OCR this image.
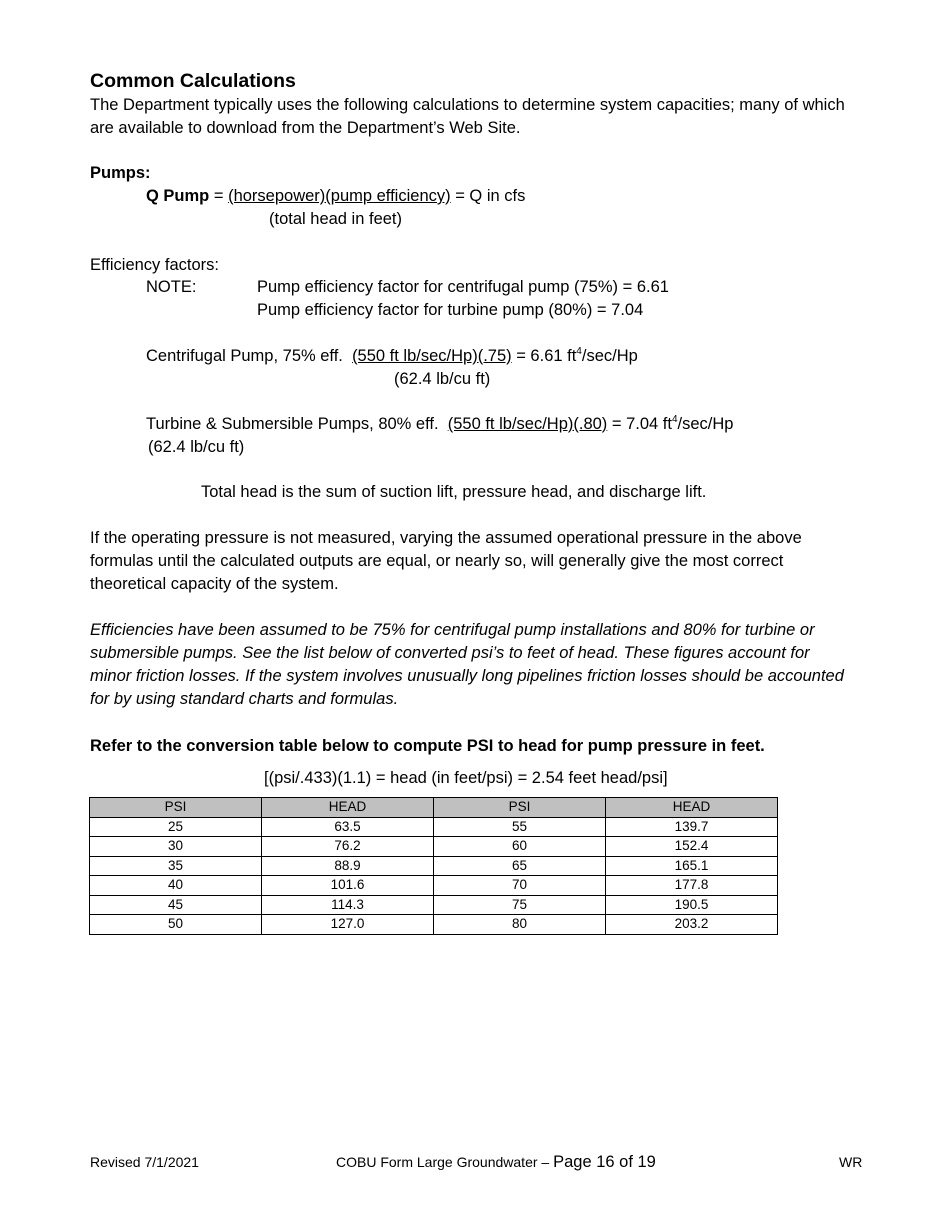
Common Calculations

The Department typically uses the following calculations to determine system capacities; many of which are available to download from the Department’s Web Site.

Pumps:
Q Pump = (horsepower)(pump efficiency) = Q in cfs
(total head in feet)
Efficiency factors:
NOTE:	Pump efficiency factor for centrifugal pump (75%) = 6.61
Pump efficiency factor for turbine pump (80%) = 7.04
Centrifugal Pump, 75% eff. (550 ft lb/sec/Hp)(.75) = 6.61 $ft^4/\sec/Hp$
(62.4 lb/cu ft)
Turbine & Submersible Pumps, 80% eff. (550 ft lb/sec/Hp)(.80) = 7.04 $ft^4/\sec/Hp$
(62.4 lb/cu ft)
Total head is the sum of suction lift, pressure head, and discharge lift.

If the operating pressure is not measured, varying the assumed operational pressure in the above formulas until the calculated outputs are equal, or nearly so, will generally give the most correct theoretical capacity of the system.

Efficiencies have been assumed to be 75% for centrifugal pump installations and 80% for turbine or submersible pumps. See the list below of converted psi’s to feet of head. These figures account for minor friction losses. If the system involves unusually long pipelines friction losses should be accounted for by using standard charts and formulas.

Refer to the conversion table below to compute PSI to head for pump pressure in feet.
[(psi/.433)(1.1) = head (in feet/psi) = 2.54 feet head/psi]
PSI	HEAD	PSI	HEAD
25	63.5	55	139.7
30	76.2	60	152.4
35	88.9	65	165.1
40	101.6	70	177.8
45	114.3	75	190.5
50	127.0	80	203.2
Revised 7/1/2021	COBU Form Large Groundwater – Page 16 of 19	WR
